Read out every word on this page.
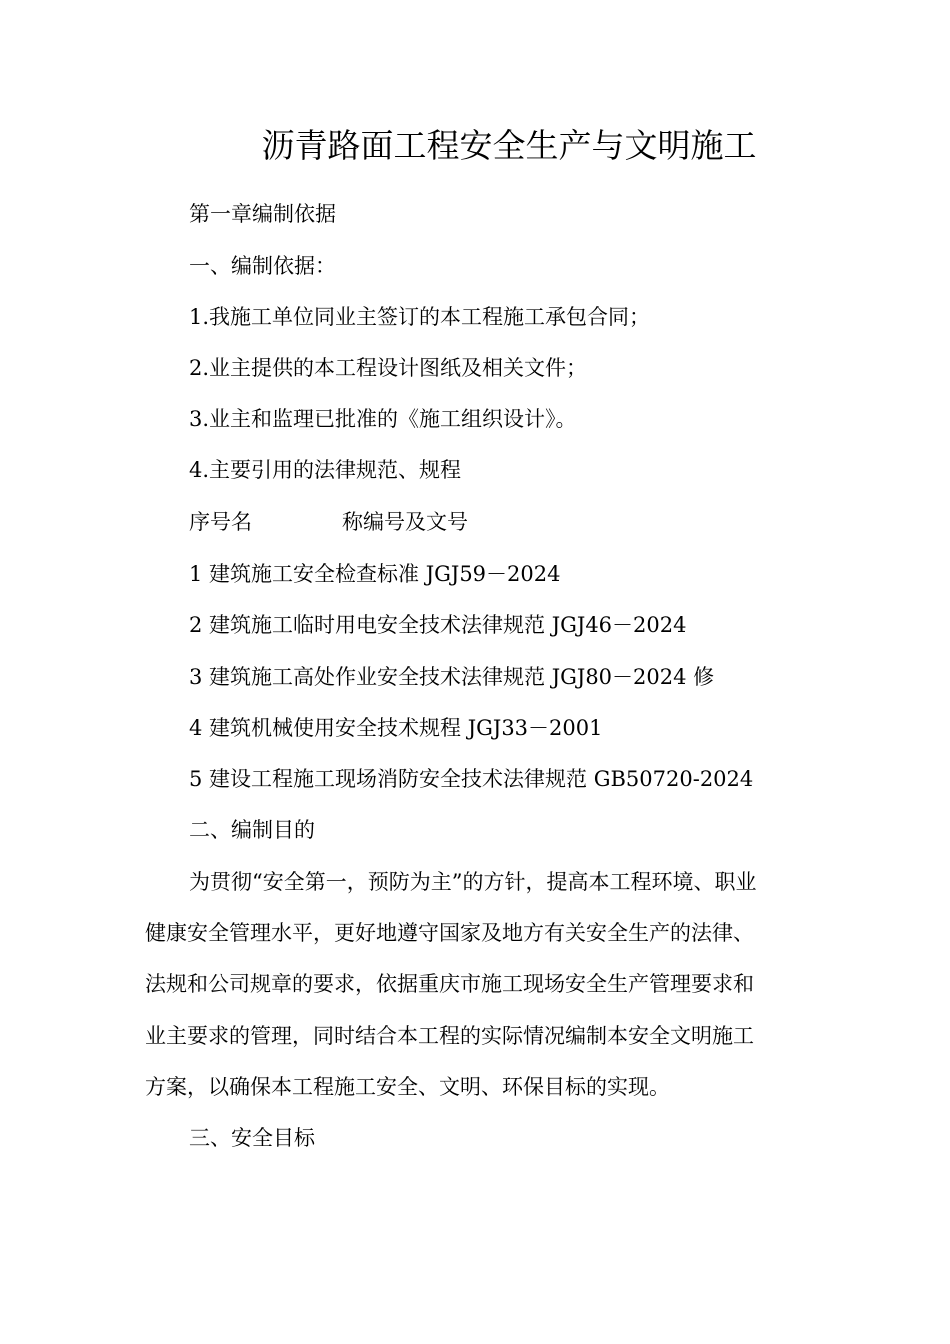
沥青路面工程安全生产与文明施工
第一章编制依据
一、编制依据：
1.我施工单位同业主签订的本工程施工承包合同；
2.业主提供的本工程设计图纸及相关文件；
3.业主和监理已批准的《施工组织设计》。
4.主要引用的法律规范、规程
序号名	称编号及文号
1 建筑施工安全检查标准 JGJ59－2024
2 建筑施工临时用电安全技术法律规范 JGJ46－2024
3 建筑施工高处作业安全技术法律规范 JGJ80－2024 修
4 建筑机械使用安全技术规程 JGJ33－2001
5 建设工程施工现场消防安全技术法律规范 GB50720-2024
二、编制目的
为贯彻“安全第一，预防为主”的方针，提高本工程环境、职业
健康安全管理水平，更好地遵守国家及地方有关安全生产的法律、
法规和公司规章的要求，依据重庆市施工现场安全生产管理要求和
业主要求的管理，同时结合本工程的实际情况编制本安全文明施工
方案，以确保本工程施工安全、文明、环保目标的实现。
三、安全目标
